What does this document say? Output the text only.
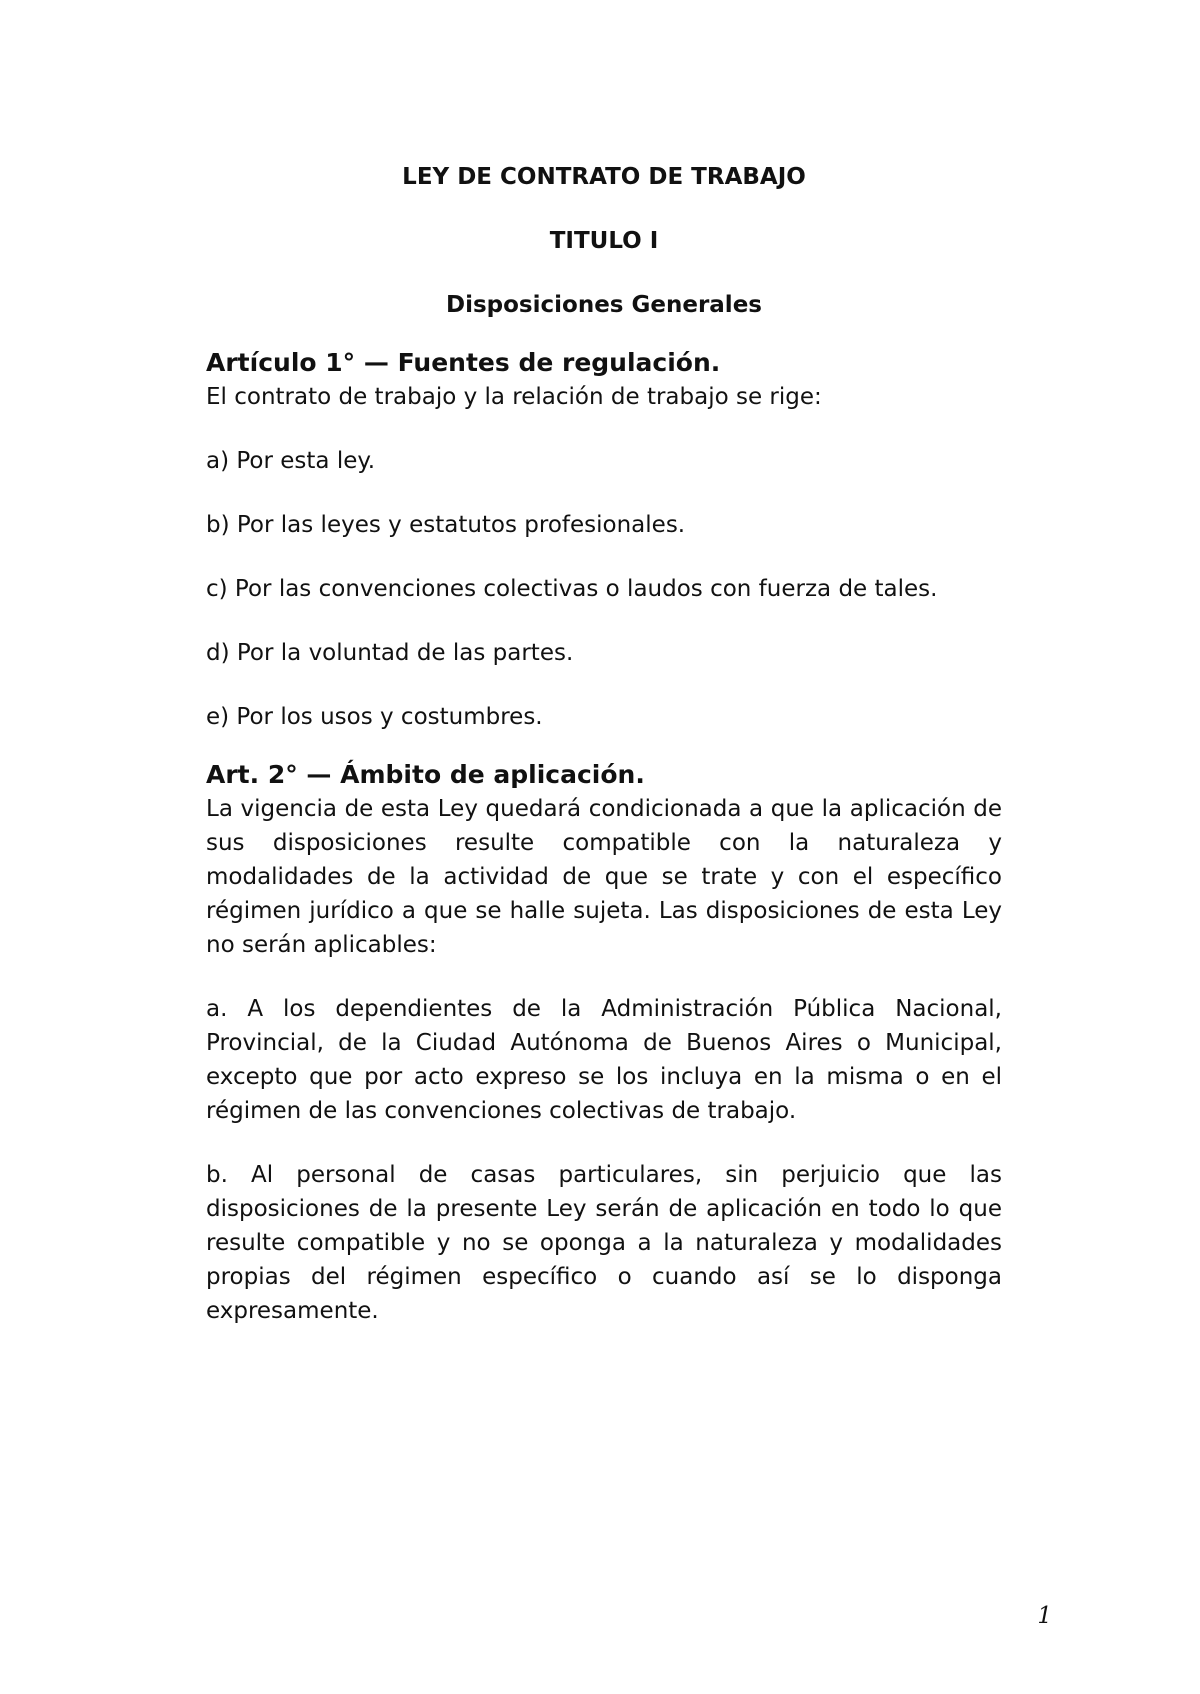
LEY DE CONTRATO DE TRABAJO

TITULO I

Disposiciones Generales

Artículo 1° — Fuentes de regulación.

El contrato de trabajo y la relación de trabajo se rige:

a) Por esta ley.

b) Por las leyes y estatutos profesionales.

c) Por las convenciones colectivas o laudos con fuerza de tales.

d) Por la voluntad de las partes.

e) Por los usos y costumbres.

Art. 2° — Ámbito de aplicación.

La vigencia de esta Ley quedará condicionada a que la aplicación de sus disposiciones resulte compatible con la naturaleza y modalidades de la actividad de que se trate y con el específico régimen jurídico a que se halle sujeta. Las disposiciones de esta Ley no serán aplicables:

a. A los dependientes de la Administración Pública Nacional, Provincial, de la Ciudad Autónoma de Buenos Aires o Municipal, excepto que por acto expreso se los incluya en la misma o en el régimen de las convenciones colectivas de trabajo.

b. Al personal de casas particulares, sin perjuicio que las disposiciones de la presente Ley serán de aplicación en todo lo que resulte compatible y no se oponga a la naturaleza y modalidades propias del régimen específico o cuando así se lo disponga expresamente.

1
